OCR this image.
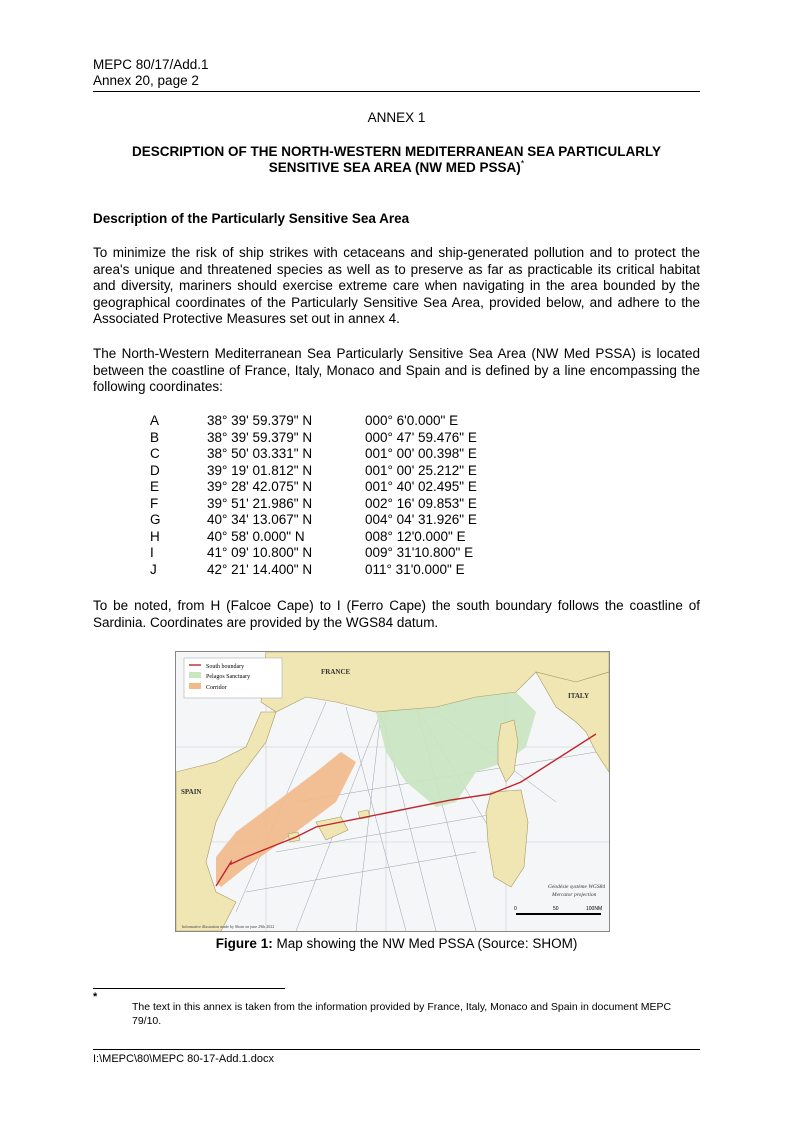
MEPC 80/17/Add.1
Annex 20, page 2
ANNEX 1
DESCRIPTION OF THE NORTH-WESTERN MEDITERRANEAN SEA PARTICULARLY
SENSITIVE SEA AREA (NW MED PSSA)*
Description of the Particularly Sensitive Sea Area
To minimize the risk of ship strikes with cetaceans and ship-generated pollution and to protect the area's unique and threatened species as well as to preserve as far as practicable its critical habitat and diversity, mariners should exercise extreme care when navigating in the area bounded by the geographical coordinates of the Particularly Sensitive Sea Area, provided below, and adhere to the Associated Protective Measures set out in annex 4.
The North-Western Mediterranean Sea Particularly Sensitive Sea Area (NW Med PSSA) is located between the coastline of France, Italy, Monaco and Spain and is defined by a line encompassing the following coordinates:
A	38° 39' 59.379" N	000° 6'0.000" E
B	38° 39' 59.379" N	000° 47' 59.476" E
C	38° 50' 03.331" N	001° 00' 00.398" E
D	39° 19' 01.812" N	001° 00' 25.212" E
E	39° 28' 42.075" N	001° 40' 02.495" E
F	39° 51' 21.986" N	002° 16' 09.853" E
G	40° 34' 13.067" N	004° 04' 31.926" E
H	40° 58' 0.000" N	008° 12'0.000" E
I	41° 09' 10.800" N	009° 31'10.800" E
J	42° 21' 14.400" N	011° 31'0.000" E
To be noted, from H (Falcoe Cape) to I (Ferro Cape) the south boundary follows the coastline of Sardinia. Coordinates are provided by the WGS84 datum.
South boundary
Pelagos Sanctuary
Corridor
FRANCE
ITALY
SPAIN
Géodésie système WGS84
Mercator projection
0	50	100NM
Informative illustration made by Shom on june 29th 2022
Figure 1: Map showing the NW Med PSSA (Source: SHOM)
*
The text in this annex is taken from the information provided by France, Italy, Monaco and Spain in document MEPC 79/10.
I:\MEPC\80\MEPC 80-17-Add.1.docx
